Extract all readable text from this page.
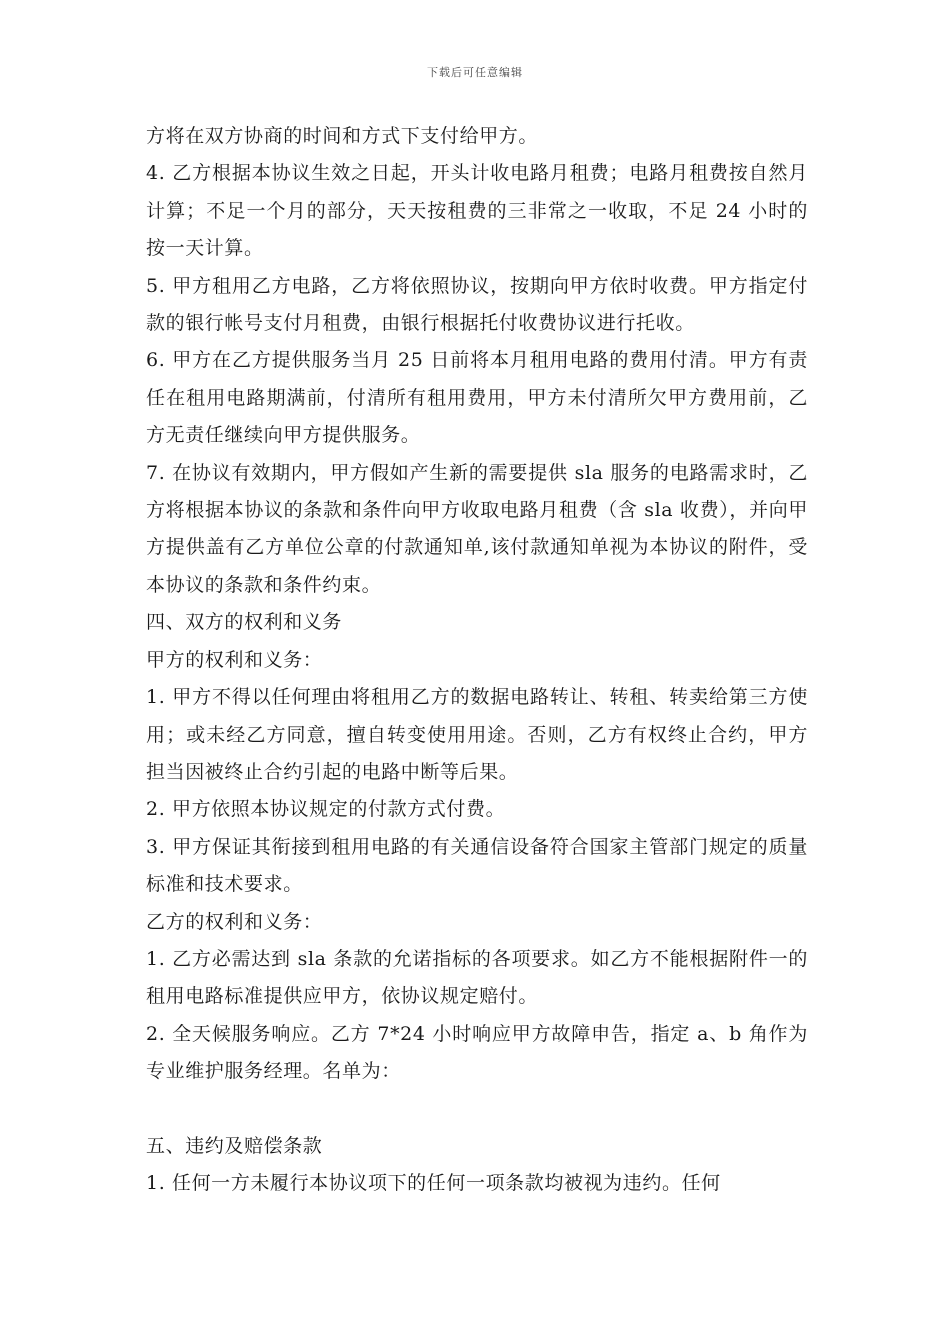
下载后可任意编辑

方将在双方协商的时间和方式下支付给甲方。

4. 乙方根据本协议生效之日起，开头计收电路月租费；电路月租费按自然月计算；不足一个月的部分，天天按租费的三非常之一收取，不足 24 小时的按一天计算。

5. 甲方租用乙方电路，乙方将依照协议，按期向甲方依时收费。甲方指定付款的银行帐号支付月租费，由银行根据托付收费协议进行托收。

6. 甲方在乙方提供服务当月 25 日前将本月租用电路的费用付清。甲方有责任在租用电路期满前，付清所有租用费用，甲方未付清所欠甲方费用前，乙方无责任继续向甲方提供服务。

7. 在协议有效期内，甲方假如产生新的需要提供 sla 服务的电路需求时，乙方将根据本协议的条款和条件向甲方收取电路月租费（含 sla 收费），并向甲方提供盖有乙方单位公章的付款通知单,该付款通知单视为本协议的附件，受本协议的条款和条件约束。

四、双方的权利和义务

甲方的权利和义务：

1. 甲方不得以任何理由将租用乙方的数据电路转让、转租、转卖给第三方使用；或未经乙方同意，擅自转变使用用途。否则，乙方有权终止合约，甲方担当因被终止合约引起的电路中断等后果。

2. 甲方依照本协议规定的付款方式付费。

3. 甲方保证其衔接到租用电路的有关通信设备符合国家主管部门规定的质量标准和技术要求。

乙方的权利和义务：

1. 乙方必需达到 sla 条款的允诺指标的各项要求。如乙方不能根据附件一的租用电路标准提供应甲方，依协议规定赔付。

2. 全天候服务响应。乙方 7*24 小时响应甲方故障申告，指定 a、b 角作为专业维护服务经理。名单为：

五、违约及赔偿条款

1. 任何一方未履行本协议项下的任何一项条款均被视为违约。任何
